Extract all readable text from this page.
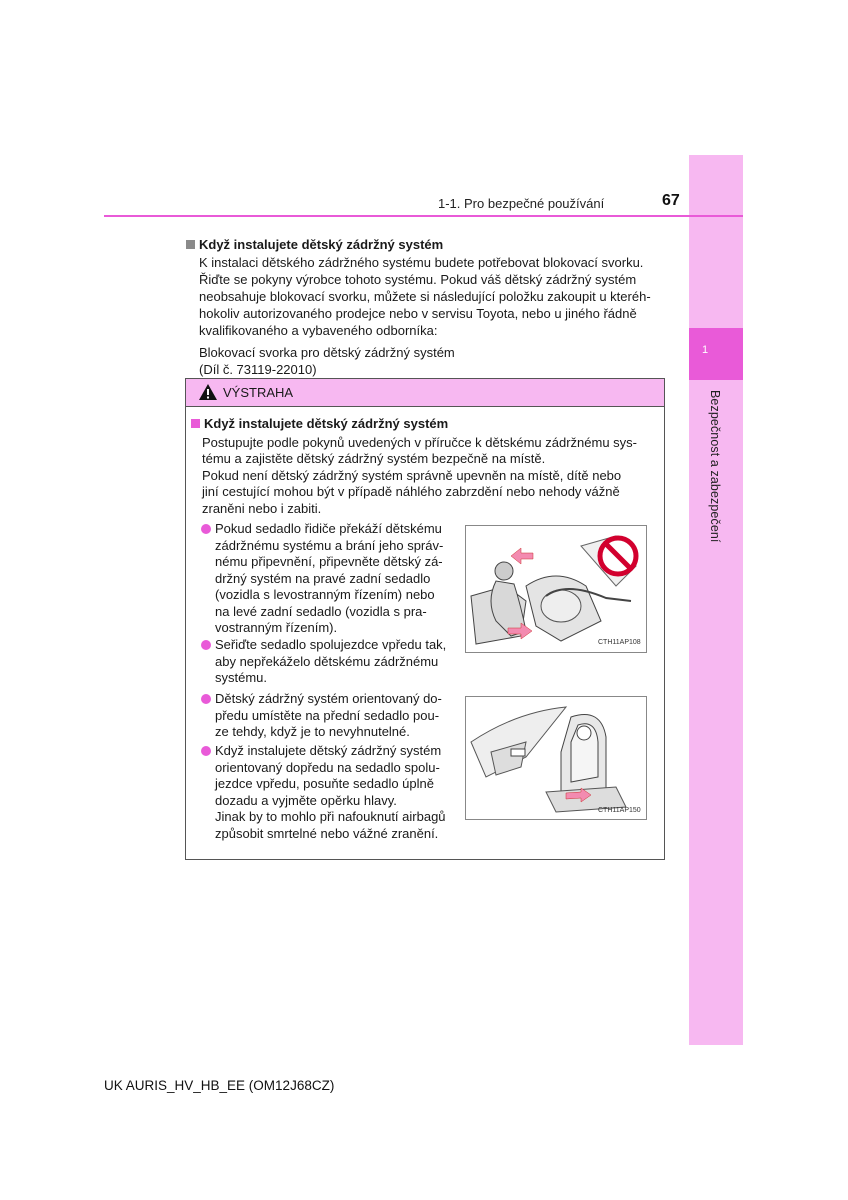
1
Bezpečnost a zabezpečení
1-1. Pro bezpečné používání	67
Když instalujete dětský zádržný systém
K instalaci dětského zádržného systému budete potřebovat blokovací svorku.
Řiďte se pokyny výrobce tohoto systému. Pokud váš dětský zádržný systém
neobsahuje blokovací svorku, můžete si následující položku zakoupit u kteréh-
hokoliv autorizovaného prodejce nebo v servisu Toyota, nebo u jiného řádně
kvalifikovaného a vybaveného odborníka:
Blokovací svorka pro dětský zádržný systém
(Díl č. 73119-22010)
VÝSTRAHA
Když instalujete dětský zádržný systém
Postupujte podle pokynů uvedených v příručce k dětskému zádržnému sys-
tému a zajistěte dětský zádržný systém bezpečně na místě.
Pokud není dětský zádržný systém správně upevněn na místě, dítě nebo
jiní cestující mohou být v případě náhlého zabrzdění nebo nehody vážně
zraněni nebo i zabiti.
Pokud sedadlo řidiče překáží dětskému
zádržnému systému a brání jeho správ-
nému připevnění, připevněte dětský zá-
držný systém na pravé zadní sedadlo
(vozidla s levostranným řízením) nebo
na levé zadní sedadlo (vozidla s pra-
vostranným řízením).
Seřiďte sedadlo spolujezdce vpředu tak,
aby nepřekáželo dětskému zádržnému
systému.
CTH11AP108
Dětský zádržný systém orientovaný do-
předu umístěte na přední sedadlo pou-
ze tehdy, když je to nevyhnutelné.
Když instalujete dětský zádržný systém
orientovaný dopředu na sedadlo spolu-
jezdce vpředu, posuňte sedadlo úplně
dozadu a vyjměte opěrku hlavy.
Jinak by to mohlo při nafouknutí airbagů
způsobit smrtelné nebo vážné zranění.
CTH11AP150
UK AURIS_HV_HB_EE (OM12J68CZ)
